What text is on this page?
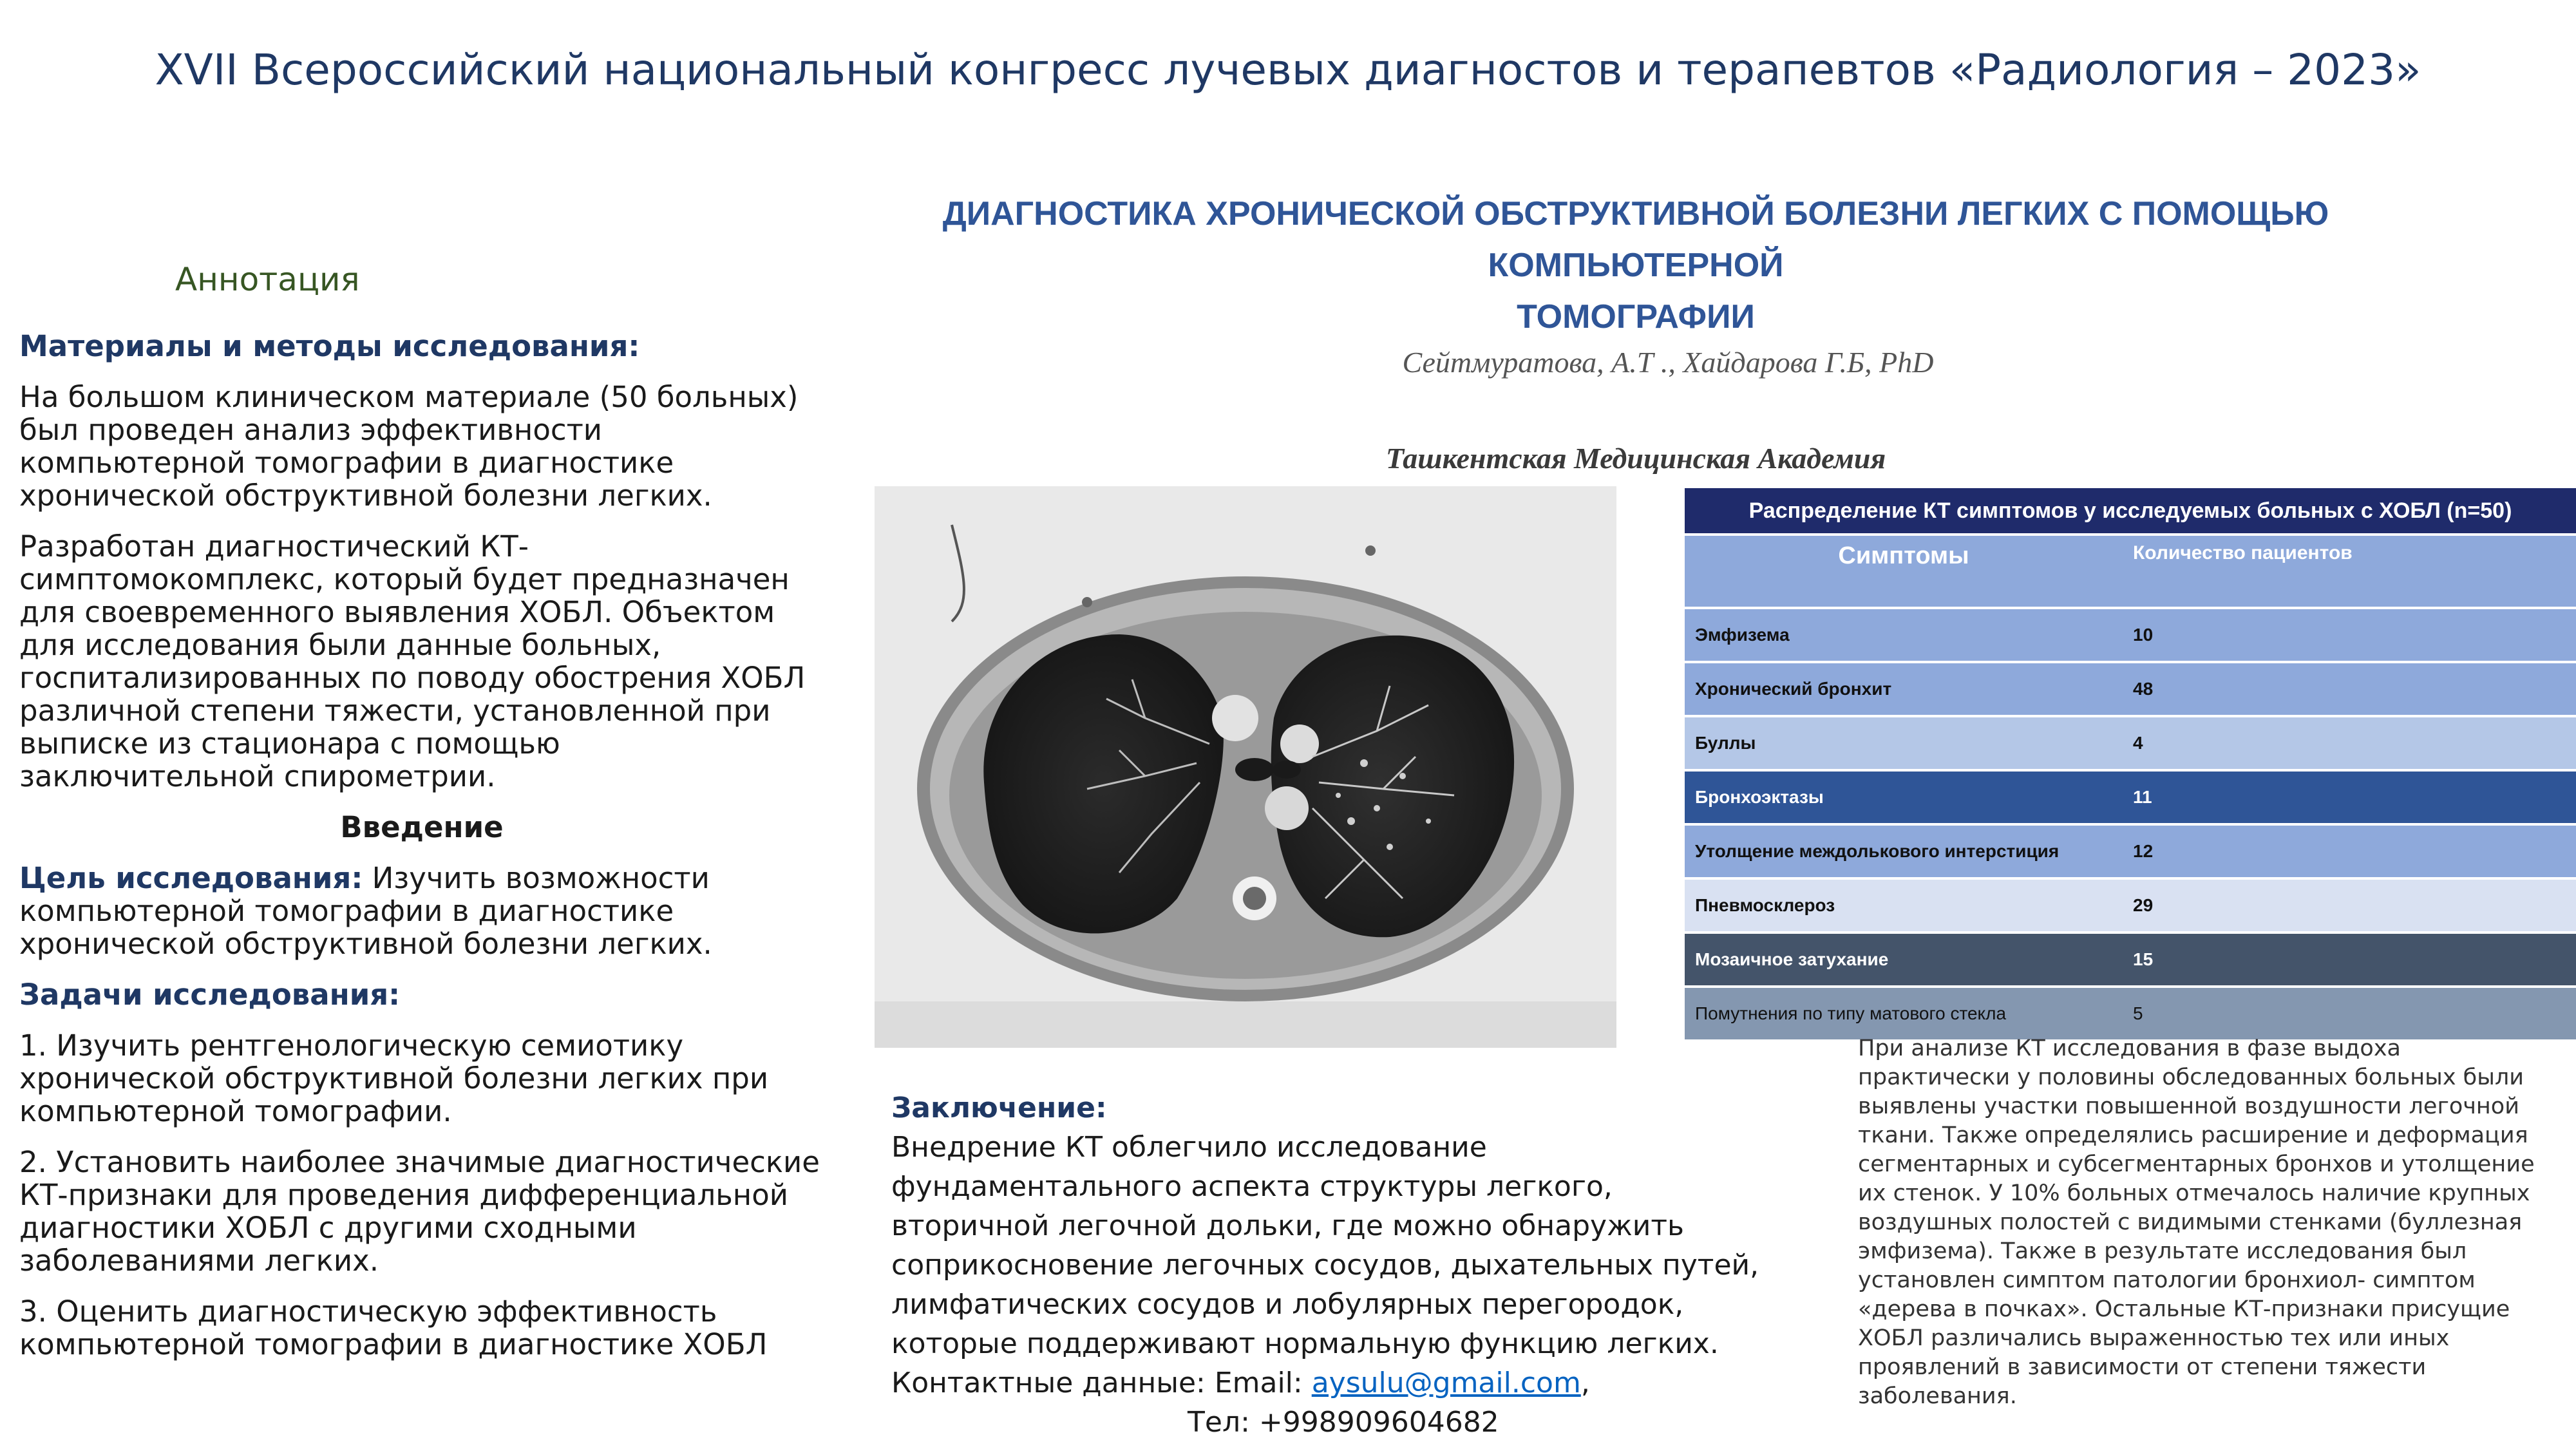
XVII Всероссийский национальный конгресс лучевых диагностов и терапевтов «Радиология – 2023»
Аннотация
Материалы и методы исследования:
На большом клиническом материале (50 больных) был проведен анализ эффективности компьютерной томографии в диагностике хронической обструктивной болезни легких.
Разработан диагностический КТ-симптомокомплекс, который будет предназначен для своевременного выявления ХОБЛ. Объектом для исследования были данные больных, госпитализированных по поводу обострения ХОБЛ различной степени тяжести, установленной при выписке из стационара с помощью заключительной спирометрии.
Введение
Цель исследования: Изучить возможности компьютерной томографии в диагностике хронической обструктивной болезни легких.
Задачи исследования:
1. Изучить рентгенологическую семиотику хронической обструктивной болезни легких при компьютерной томографии.
2. Установить наиболее значимые диагностические КТ-признаки для проведения дифференциальной диагностики ХОБЛ с другими сходными заболеваниями легких.
3. Оценить диагностическую эффективность компьютерной томографии в диагностике ХОБЛ
ДИАГНОСТИКА ХРОНИЧЕСКОЙ ОБСТРУКТИВНОЙ БОЛЕЗНИ ЛЕГКИХ С ПОМОЩЬЮ КОМПЬЮТЕРНОЙ
ТОМОГРАФИИ
Сейтмуратова, А.Т ., Хайдарова Г.Б, PhD
Ташкентская Медицинская Академия
Распределение КТ симптомов у исследуемых больных с ХОБЛ (n=50)	
Симптомы	Количество пациентов
Эмфизема	10
Хронический бронхит	48
Буллы	4
Бронхоэктазы	11
Утолщение междолькового интерстиция	12
Пневмосклероз	29
Мозаичное затухание	15
Помутнения по типу матового стекла	5
При анализе КТ исследования в фазе выдоха практически у половины обследованных больных были выявлены участки повышенной воздушности легочной ткани. Также определялись расширение и деформация сегментарных и субсегментарных бронхов и утолщение их стенок. У 10% больных отмечалось наличие крупных воздушных полостей с видимыми стенками (буллезная эмфизема). Также в результате исследования был установлен симптом патологии бронхиол- симптом «дерева в почках». Остальные КТ-признаки присущие ХОБЛ различались выраженностью тех или иных проявлений в зависимости от степени тяжести заболевания.
Заключение:
Внедрение КТ облегчило исследование фундаментального аспекта структуры легкого, вторичной легочной дольки, где можно обнаружить соприкосновение легочных сосудов, дыхательных путей, лимфатических сосудов и лобулярных перегородок, которые поддерживают нормальную функцию легких.
Контактные данные: Email: aysulu@gmail.com,
Тел: +998909604682
